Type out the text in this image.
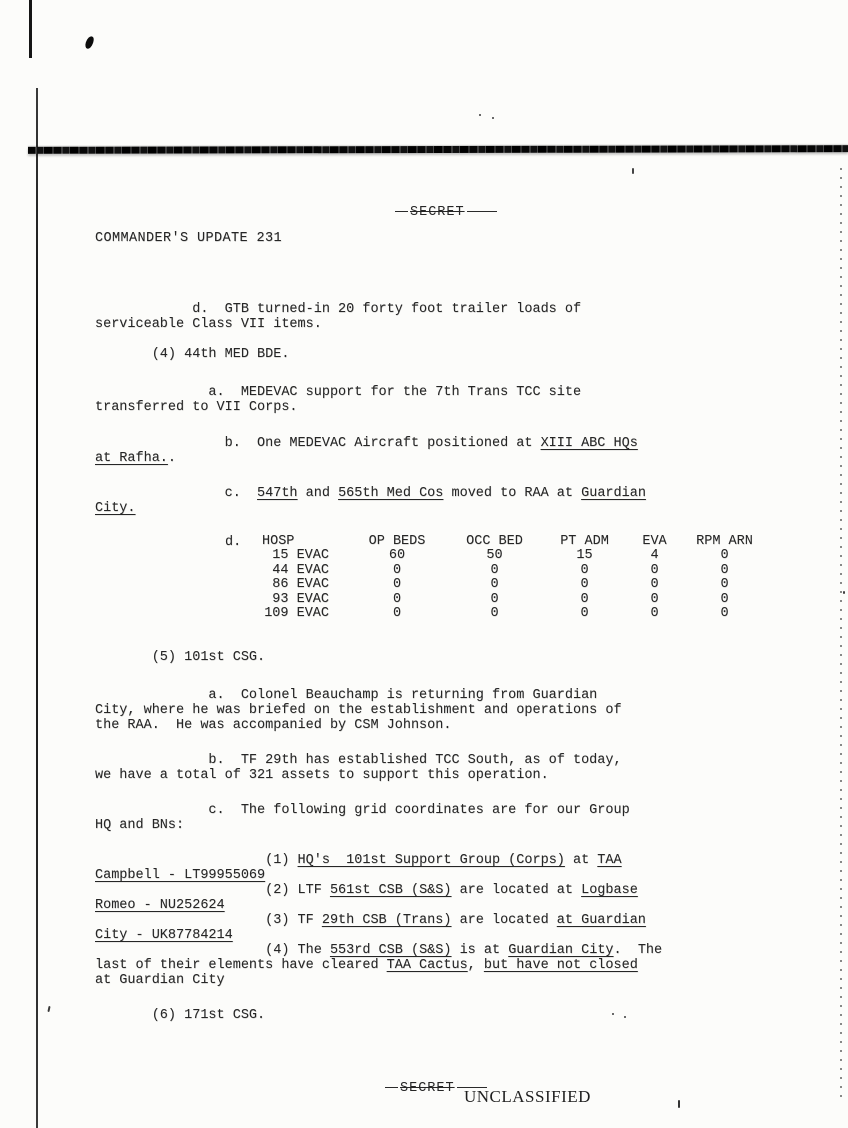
SECRET
COMMANDER'S UPDATE 231
d.  GTB turned-in 20 forty foot trailer loads of
serviceable Class VII items.
(4) 44th MED BDE.
a.  MEDEVAC support for the 7th Trans TCC site
transferred to VII Corps.
b.  One MEDEVAC Aircraft positioned at XIII ABC HQs
at Rafha..
c.  547th and 565th Med Cos moved to RAA at Guardian
City.
(5) 101st CSG.
a.  Colonel Beauchamp is returning from Guardian
City, where he was briefed on the establishment and operations of
the RAA.  He was accompanied by CSM Johnson.
b.  TF 29th has established TCC South, as of today,
we have a total of 321 assets to support this operation.
c.  The following grid coordinates are for our Group
HQ and BNs:
(1) HQ's  101st Support Group (Corps) at TAA
Campbell - LT99955069
(2) LTF 561st CSB (S&S) are located at Logbase
Romeo - NU252624
(3) TF 29th CSB (Trans) are located at Guardian
City - UK87784214
(4) The 553rd CSB (S&S) is at Guardian City.  The
last of their elements have cleared TAA Cactus, but have not closed
at Guardian City
(6) 171st CSG.
d. HOSP	OP BEDS	OCC BED	PT ADM	EVA	RPM ARN
15 EVAC	60	50	15	4	0
44 EVAC	0	0	0	0	0
86 EVAC	0	0	0	0	0
93 EVAC	0	0	0	0	0
109 EVAC	0	0	0	0	0
SECRET UNCLASSIFIED
